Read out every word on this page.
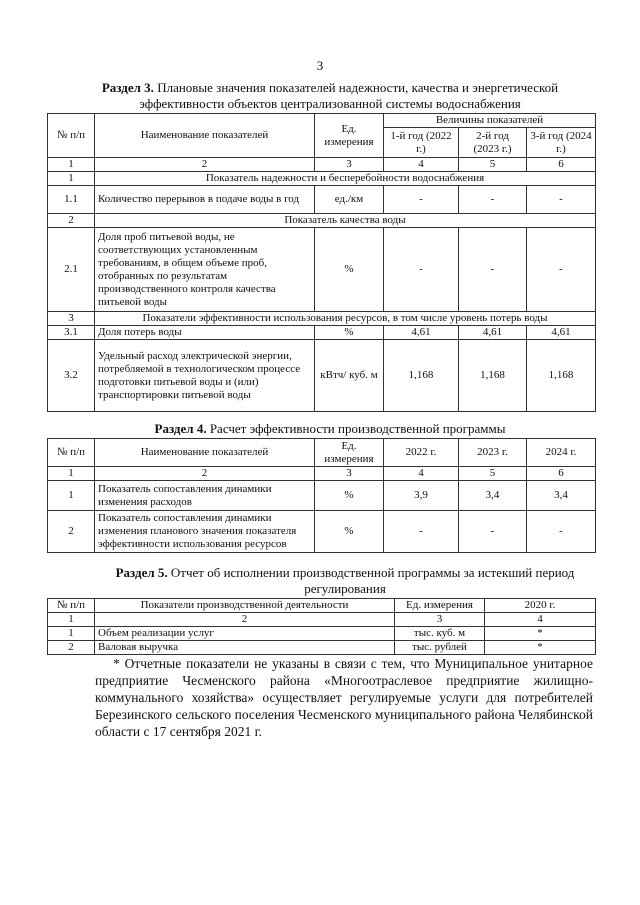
3
Раздел 3. Плановые значения показателей надежности, качества и энергетической
эффективности объектов централизованной системы водоснабжения
№ п/п	Наименование показателей	Ед. измерения	Величины показателей		
			1-й год (2022 г.)	2-й год (2023 г.)	3-й год (2024 г.)
1	2	3	4	5	6
1	Показатель надежности и бесперебойности водоснабжения				
1.1	Количество перерывов в подаче воды в год	ед./км	-	-	-
2	Показатель качества воды				
2.1	Доля проб питьевой воды, не соответствующих установленным требованиям, в общем объеме проб, отобранных по результатам производственного контроля качества питьевой воды	%	-	-	-
3	Показатели эффективности использования ресурсов, в том числе уровень потерь воды				
3.1	Доля потерь воды	%	4,61	4,61	4,61
3.2	Удельный расход электрической энергии, потребляемой в технологическом процессе подготовки питьевой воды и (или) транспортировки питьевой воды	кВтч/ куб. м	1,168	1,168	1,168
Раздел 4. Расчет эффективности производственной программы
№ п/п	Наименование показателей	Ед. измерения	2022 г.	2023 г.	2024 г.
1	2	3	4	5	6
1	Показатель сопоставления динамики изменения расходов	%	3,9	3,4	3,4
2	Показатель сопоставления динамики изменения планового значения показателя эффективности использования ресурсов	%	-	-	-
Раздел 5. Отчет об исполнении производственной программы за истекший период
регулирования
№ п/п	Показатели производственной деятельности	Ед. измерения	2020 г.
1	2	3	4
1	Объем реализации услуг	тыс. куб. м	*
2	Валовая выручка	тыс. рублей	*
* Отчетные показатели не указаны в связи с тем, что Муниципальное унитарное предприятие Чесменского района «Многоотраслевое предприятие жилищно-коммунального хозяйства» осуществляет регулируемые услуги для потребителей Березинского сельского поселения Чесменского муниципального района Челябинской области с 17 сентября 2021 г.
